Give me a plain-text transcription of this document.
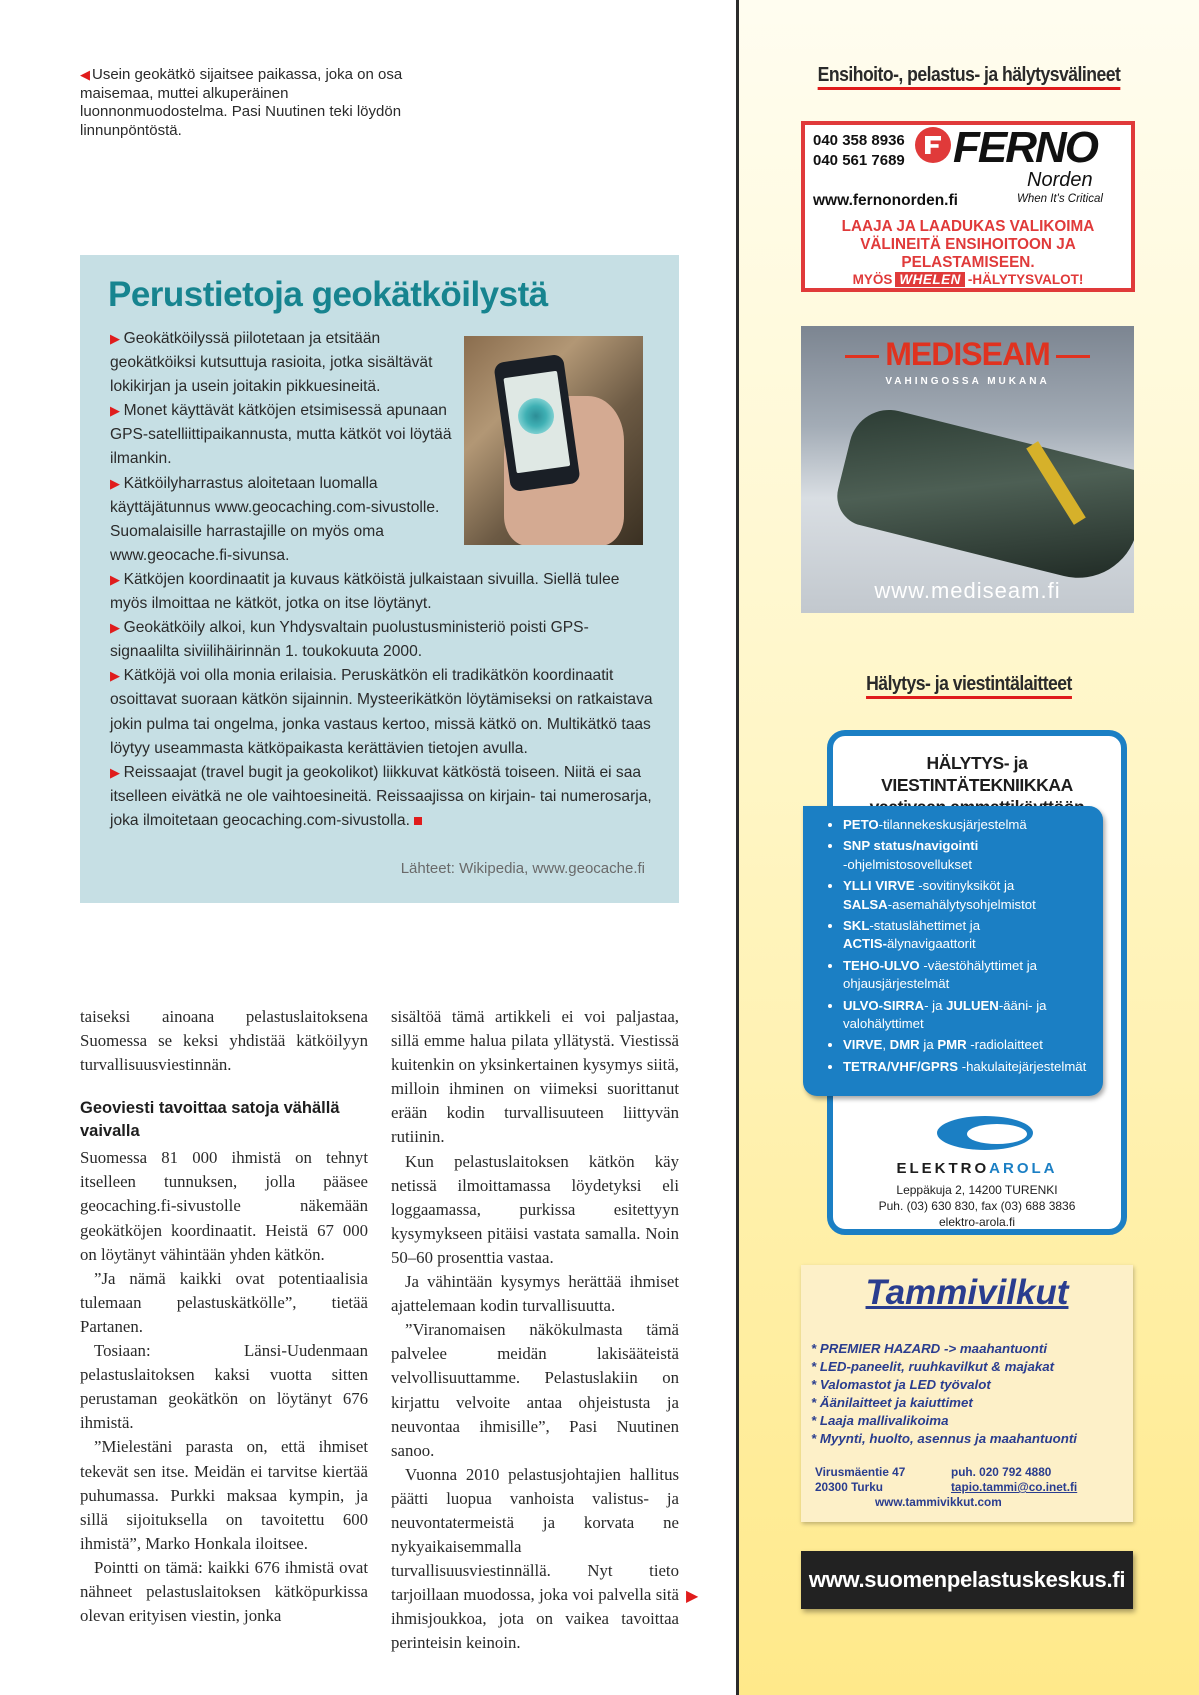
◀ Usein geokätkö sijaitsee paikassa, joka on osa maisemaa, muttei alkuperäinen luonnonmuodostelma. Pasi Nuutinen teki löydön linnunpöntöstä.
Perustietoja geokätköilystä
▶ Geokätköilyssä piilotetaan ja etsitään geokätköiksi kutsuttuja rasioita, jotka sisältävät lokikirjan ja usein joitakin pikkuesineitä.
▶ Monet käyttävät kätköjen etsimisessä apunaan GPS-satelliittipaikannusta, mutta kätköt voi löytää ilmankin.
▶ Kätköilyharrastus aloitetaan luomalla käyttäjätunnus www.geocaching.com-sivustolle. Suomalaisille harrastajille on myös oma www.geocache.fi-sivunsa.
▶ Kätköjen koordinaatit ja kuvaus kätköistä julkaistaan sivuilla. Siellä tulee myös ilmoittaa ne kätköt, jotka on itse löytänyt.
▶ Geokätköily alkoi, kun Yhdysvaltain puolustusministeriö poisti GPS-signaalilta siviilihäirinnän 1. toukokuuta 2000.
▶ Kätköjä voi olla monia erilaisia. Peruskätkön eli tradikätkön koordinaatit osoittavat suoraan kätkön sijainnin. Mysteerikätkön löytämiseksi on ratkaistava jokin pulma tai ongelma, jonka vastaus kertoo, missä kätkö on. Multikätkö taas löytyy useammasta kätköpaikasta kerättävien tietojen avulla.
▶ Reissaajat (travel bugit ja geokolikot) liikkuvat kätköstä toiseen. Niitä ei saa itselleen eivätkä ne ole vaihtoesineitä. Reissaajissa on kirjain- tai numerosarja, joka ilmoitetaan geocaching.com-sivustolla.
Lähteet: Wikipedia, www.geocache.fi

taiseksi ainoana pelastuslaitoksena Suomessa se keksi yhdistää kätköilyyn turvallisuusviestinnän.

Geoviesti tavoittaa satoja vähällä vaivalla

Suomessa 81 000 ihmistä on tehnyt itselleen tunnuksen, jolla pääsee geocaching.fi-sivustolle näkemään geokätköjen koordinaatit. Heistä 67 000 on löytänyt vähintään yhden kätkön.

”Ja nämä kaikki ovat potentiaalisia tulemaan pelastuskätkölle”, tietää Partanen.

Tosiaan: Länsi-Uudenmaan pelastuslaitoksen kaksi vuotta sitten perustaman geokätkön on löytänyt 676 ihmistä.

”Mielestäni parasta on, että ihmiset tekevät sen itse. Meidän ei tarvitse kiertää puhumassa. Purkki maksaa kympin, ja sillä sijoituksella on tavoitettu 600 ihmistä”, Marko Honkala iloitsee.

Pointti on tämä: kaikki 676 ihmistä ovat nähneet pelastuslaitoksen kätköpurkissa olevan erityisen viestin, jonka

sisältöä tämä artikkeli ei voi paljastaa, sillä emme halua pilata yllätystä. Viestissä kuitenkin on yksinkertainen kysymys siitä, milloin ihminen on viimeksi suorittanut erään kodin turvallisuuteen liittyvän rutiinin.

Kun pelastuslaitoksen kätkön käy netissä ilmoittamassa löydetyksi eli loggaamassa, purkissa esitettyyn kysymykseen pitäisi vastata samalla. Noin 50–60 prosenttia vastaa.

Ja vähintään kysymys herättää ihmiset ajattelemaan kodin turvallisuutta.

”Viranomaisen näkökulmasta tämä palvelee meidän lakisääteistä velvollisuuttamme. Pelastuslakiin on kirjattu velvoite antaa ohjeistusta ja neuvontaa ihmisille”, Pasi Nuutinen sanoo.

Vuonna 2010 pelastusjohtajien hallitus päätti luopua vanhoista valistus- ja neuvontatermeistä ja korvata ne nykyaikaisemmalla turvallisuusviestinnällä. Nyt tieto tarjoillaan muodossa, joka voi palvella sitä ihmisjoukkoa, jota on vaikea tavoittaa perinteisin keinoin.

▶
Ensihoito-, pelastus- ja hälytysvälineet
040 358 8936
040 561 7689 FERNO
Norden
When It's Critical
www.fernonorden.fi
LAAJA JA LAADUKAS VALIKOIMA VÄLINEITÄ ENSIHOITOON JA PELASTAMISEEN.
MYÖS WHELEN -HÄLYTYSVALOT!
MEDISEAM
VAHINGOSSA MUKANA
www.mediseam.fi
Hälytys- ja viestintälaitteet
HÄLYTYS- ja VIESTINTÄTEKNIIKKAA

• PETO-tilannekeskusjärjestelmä
• SNP status/navigointi
-ohjelmistosovellukset
• YLLI VIRVE -sovitinyksiköt ja
SALSA-asemahälytysohjelmistot
• SKL-statuslähettimet ja
ACTIS-älynavigaattorit
• TEHO-ULVO -väestöhälyttimet ja ohjausjärjestelmät
• ULVO-SIRRA- ja JULUEN-ääni- ja valohälyttimet
• VIRVE, DMR ja PMR -radiolaitteet
• TETRA/VHF/GPRS -hakulaitejärjestelmät
ELEKTROAROLA
Leppäkuja 2, 14200 TURENKI
Puh. (03) 630 830, fax (03) 688 3836
elektro-arola.fi
Tammivilkut
* PREMIER HAZARD -> maahantuonti
* LED-paneelit, ruuhkavilkut & majakat
* Valomastot ja LED työvalot
* Äänilaitteet ja kaiuttimet
* Laaja mallivalikoima
* Myynti, huolto, asennus ja maahantuonti
Virusmäentie 47
20300 Turku
www.tammivikkut.com
puh. 020 792 4880
tapio.tammi@co.inet.fi
www.suomenpelastuskeskus.fi
